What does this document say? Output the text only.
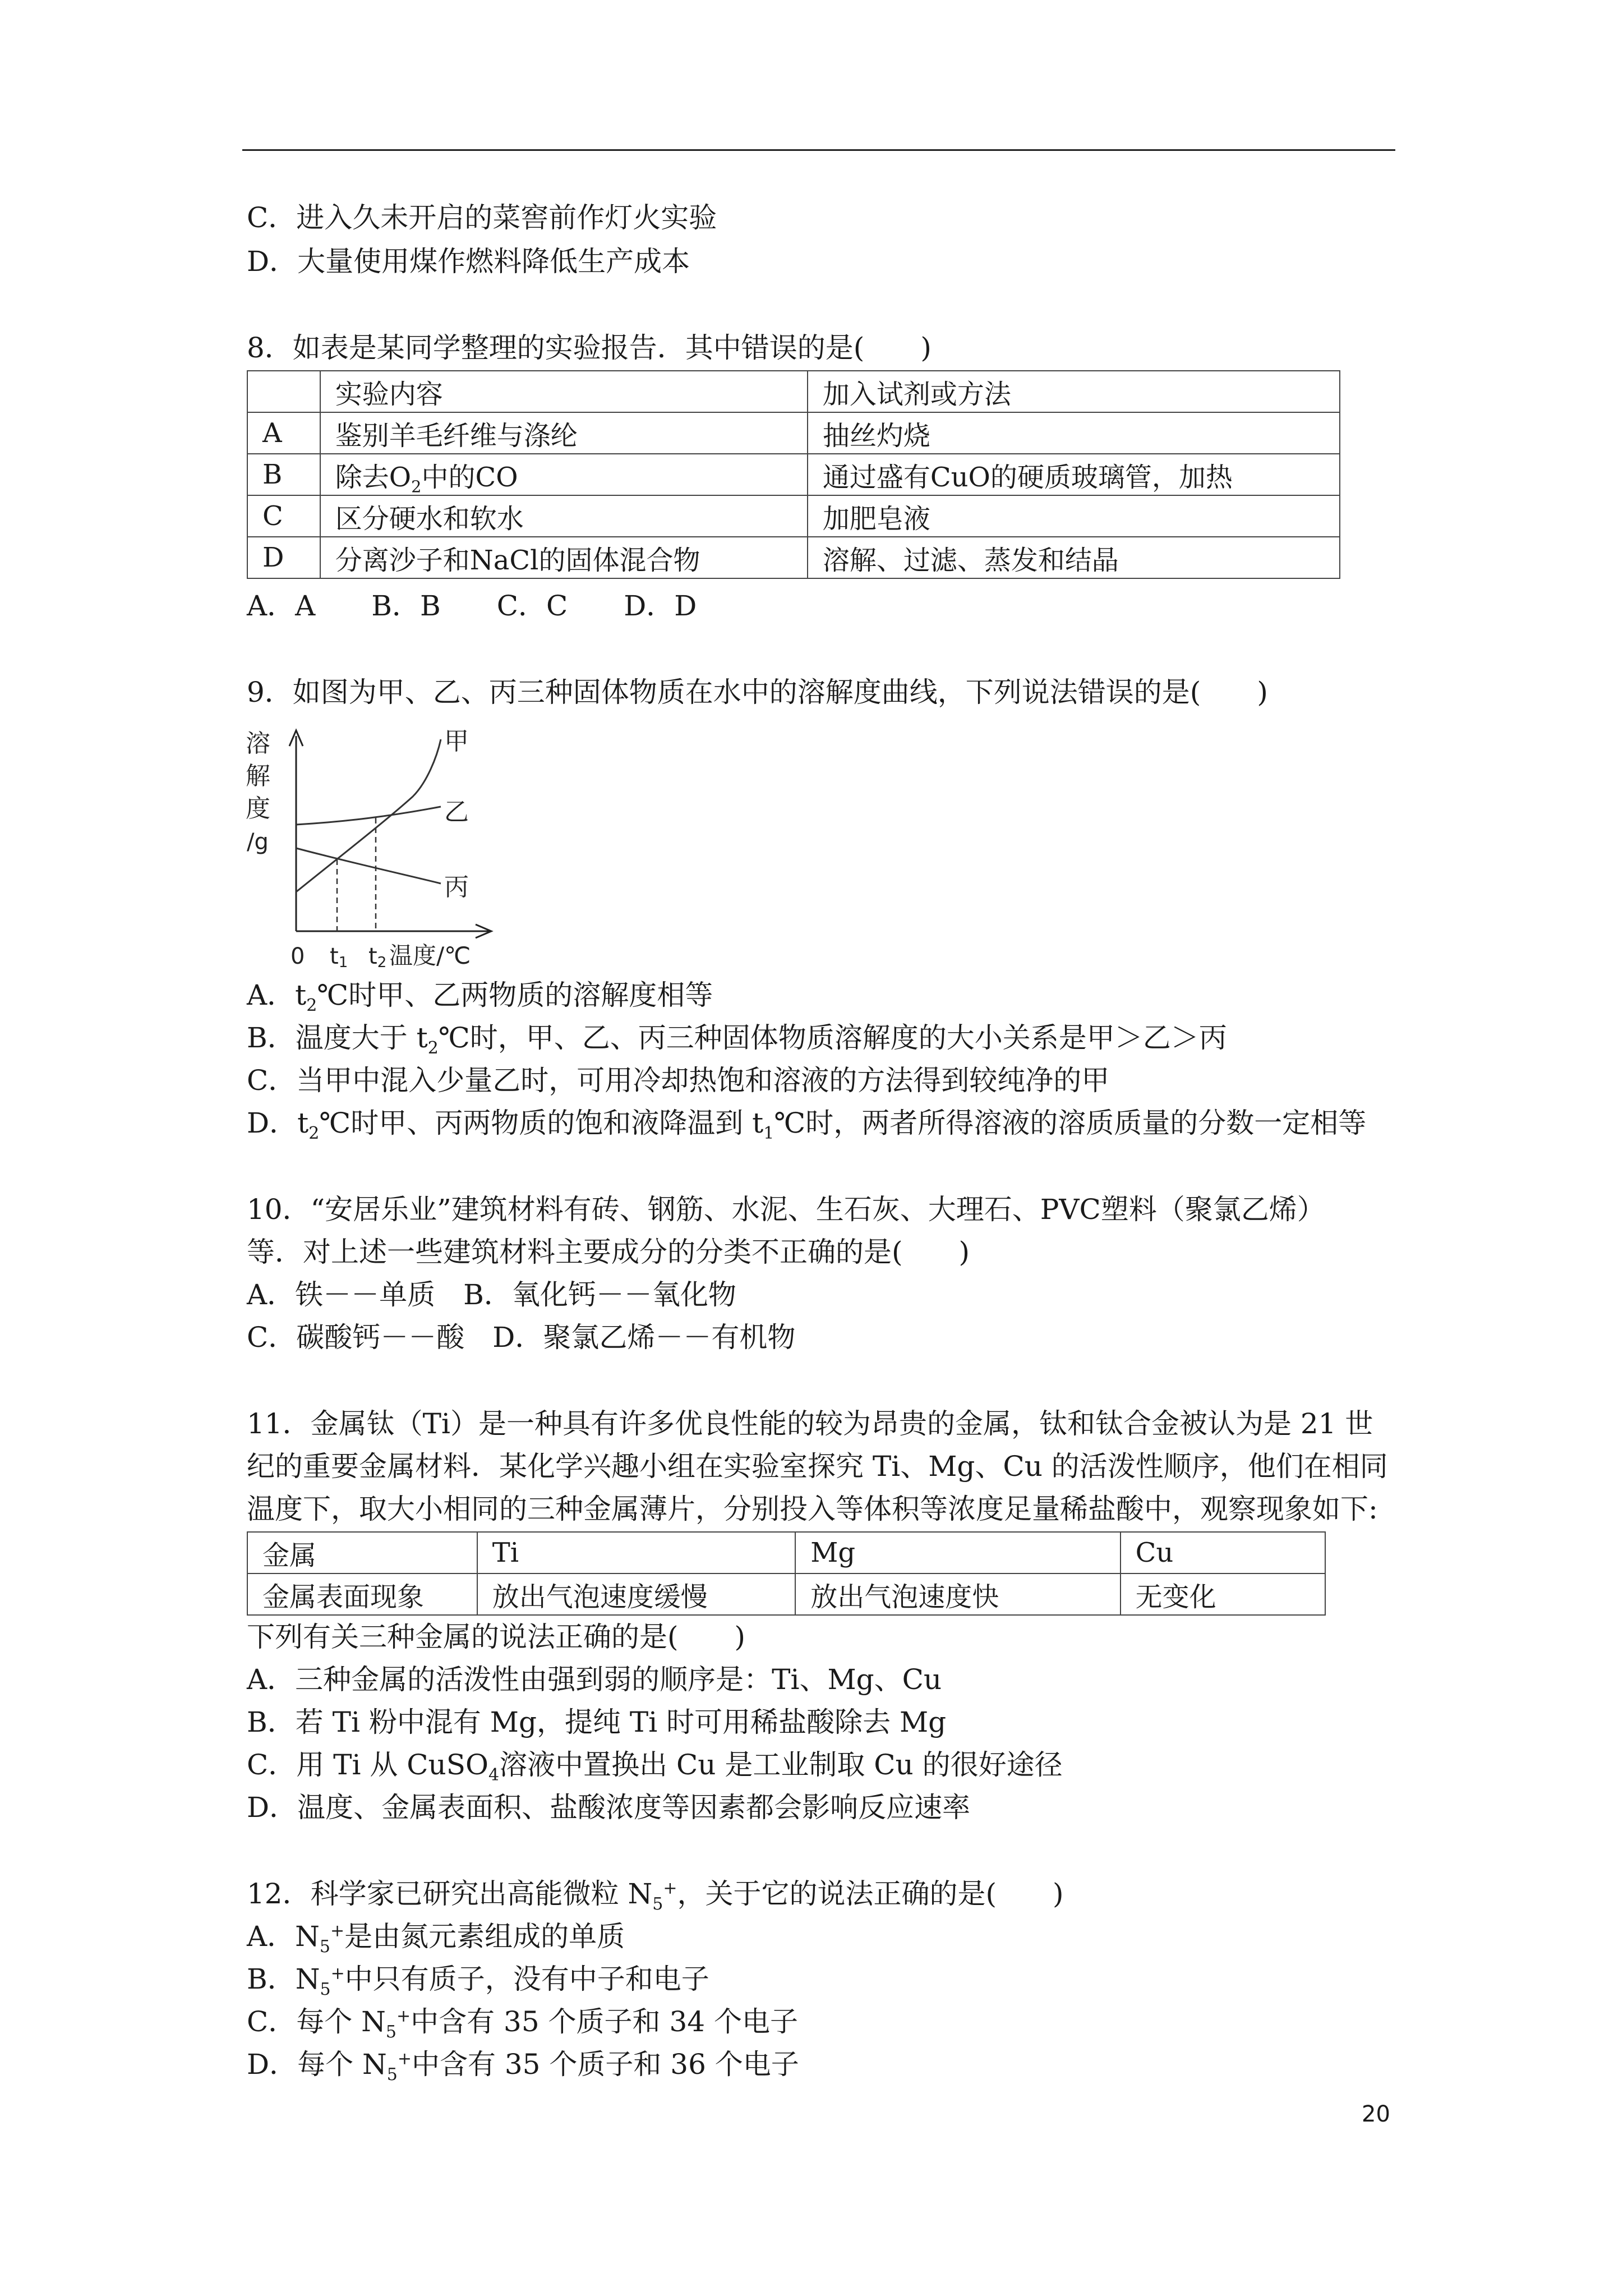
C．进入久未开启的菜窖前作灯火实验
D．大量使用煤作燃料降低生产成本
8．如表是某同学整理的实验报告．其中错误的是(　　)
	实验内容	加入试剂或方法
A	鉴别羊毛纤维与涤纶	抽丝灼烧
B	除去$O_2$中的CO	通过盛有CuO的硬质玻璃管，加热
C	区分硬水和软水	加肥皂液
D	分离沙子和NaCl的固体混合物	溶解、过滤、蒸发和结晶
A．A　　B．B　　C．C　　D．D
9．如图为甲、乙、丙三种固体物质在水中的溶解度曲线，下列说法错误的是(　　)
溶
解
度
/g
甲
乙
丙
0 t1 t2 温度/℃
A．$t_2℃$时甲、乙两物质的溶解度相等
B．温度大于 $t_2℃$时，甲、乙、丙三种固体物质溶解度的大小关系是甲＞乙＞丙
C．当甲中混入少量乙时，可用冷却热饱和溶液的方法得到较纯净的甲
D．$t_2℃$时甲、丙两物质的饱和液降温到 $t_1℃$时，两者所得溶液的溶质质量的分数一定相等
10．“安居乐业”建筑材料有砖、钢筋、水泥、生石灰、大理石、PVC塑料（聚氯乙烯）
等．对上述一些建筑材料主要成分的分类不正确的是(　　)
A．铁－－单质　B．氧化钙－－氧化物
C．碳酸钙－－酸　D．聚氯乙烯－－有机物
11．金属钛（Ti）是一种具有许多优良性能的较为昂贵的金属，钛和钛合金被认为是 21 世
纪的重要金属材料．某化学兴趣小组在实验室探究 Ti、Mg、Cu 的活泼性顺序，他们在相同
温度下，取大小相同的三种金属薄片，分别投入等体积等浓度足量稀盐酸中，观察现象如下:
金属	Ti	Mg	Cu
金属表面现象	放出气泡速度缓慢	放出气泡速度快	无变化
下列有关三种金属的说法正确的是(　　)
A．三种金属的活泼性由强到弱的顺序是：Ti、Mg、Cu
B．若 Ti 粉中混有 Mg，提纯 Ti 时可用稀盐酸除去 Mg
C．用 Ti 从 CuSO$_4$溶液中置换出 Cu 是工业制取 Cu 的很好途径
D．温度、金属表面积、盐酸浓度等因素都会影响反应速率
12．科学家已研究出高能微粒 $N_5^+$，关于它的说法正确的是(　　)
A．$N_5^+$是由氮元素组成的单质
B．$N_5^+$中只有质子，没有中子和电子
C．每个 $N_5^+$中含有 35 个质子和 34 个电子
D．每个 $N_5^+$中含有 35 个质子和 36 个电子
20
